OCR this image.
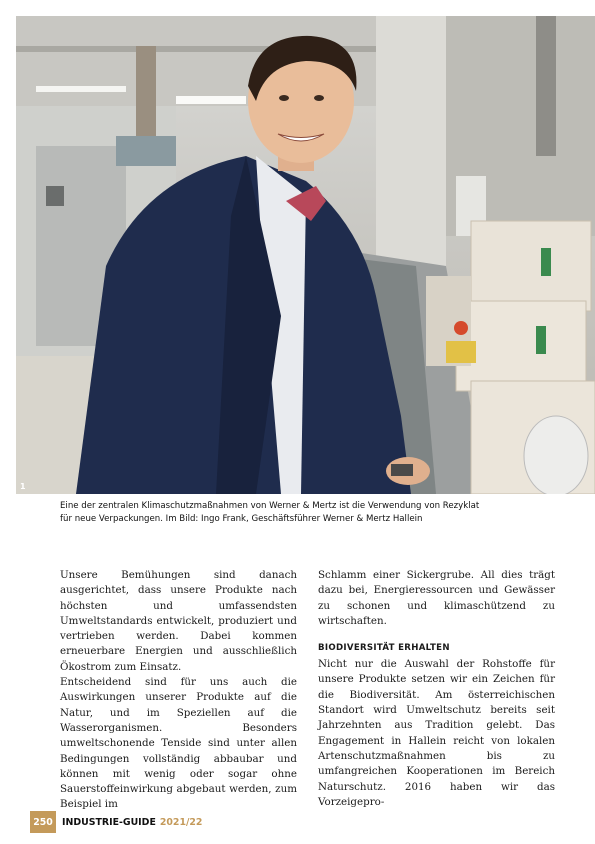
1

Eine der zentralen Klimaschutzmaßnahmen von Werner & Mertz ist die Verwendung von Rezyklat

für neue Verpackungen. Im Bild: Ingo Frank, Geschäftsführer Werner & Mertz Hallein

Unsere Bemühungen sind danach ausgerichtet, dass unsere Produkte nach höchsten und umfassendsten Umweltstandards entwickelt, produziert und vertrieben werden. Dabei kommen erneuerbare Energien und ausschließlich Ökostrom zum Einsatz.

Entscheidend sind für uns auch die Auswirkungen unserer Produkte auf die Natur, und im Speziellen auf die Wasserorganismen. Besonders umweltschonende Tenside sind unter allen Bedingungen vollständig abbaubar und können mit wenig oder sogar ohne Sauerstoffeinwirkung abgebaut werden, zum Beispiel im

Schlamm einer Sickergrube. All dies trägt dazu bei, Energieressourcen und Gewässer zu schonen und klimaschützend zu wirtschaften.

BIODIVERSITÄT ERHALTEN

Nicht nur die Auswahl der Rohstoffe für unsere Produkte setzen wir ein Zeichen für die Biodiversität. Am österreichischen Standort wird Umweltschutz bereits seit Jahrzehnten aus Tradition gelebt. Das Engagement in Hallein reicht von lokalen Artenschutzmaßnahmen bis zu umfangreichen Kooperationen im Bereich Naturschutz. 2016 haben wir das Vorzeigepro-

250 INDUSTRIE-GUIDE 2021/22
